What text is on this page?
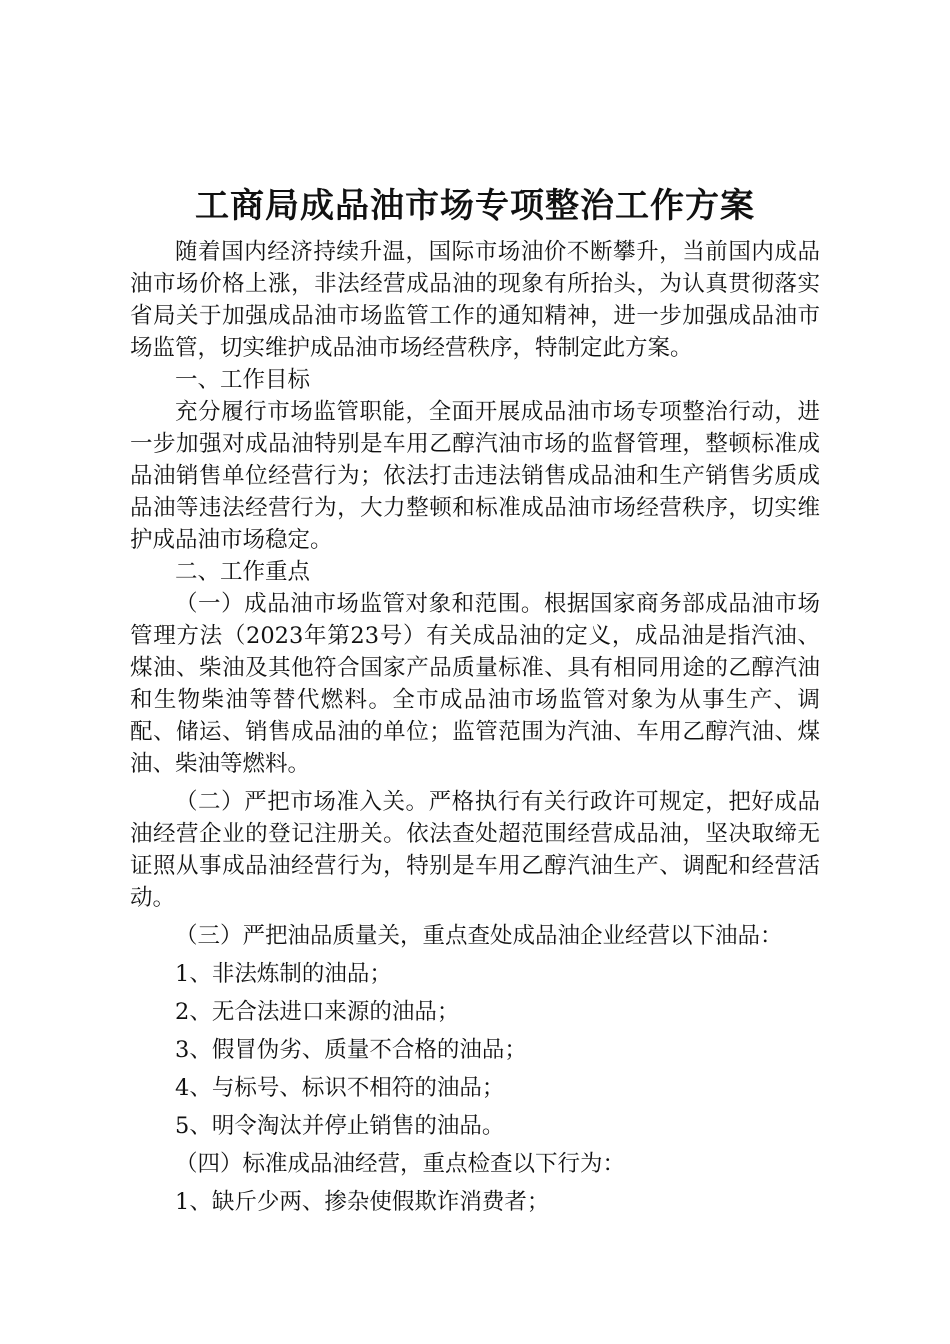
工商局成品油市场专项整治工作方案

随着国内经济持续升温，国际市场油价不断攀升，当前国内成品油市场价格上涨，非法经营成品油的现象有所抬头，为认真贯彻落实省局关于加强成品油市场监管工作的通知精神，进一步加强成品油市场监管，切实维护成品油市场经营秩序，特制定此方案。

一、工作目标

充分履行市场监管职能，全面开展成品油市场专项整治行动，进一步加强对成品油特别是车用乙醇汽油市场的监督管理，整顿标准成品油销售单位经营行为；依法打击违法销售成品油和生产销售劣质成品油等违法经营行为，大力整顿和标准成品油市场经营秩序，切实维护成品油市场稳定。

二、工作重点

（一）成品油市场监管对象和范围。根据国家商务部成品油市场管理方法（2023年第23号）有关成品油的定义，成品油是指汽油、煤油、柴油及其他符合国家产品质量标准、具有相同用途的乙醇汽油和生物柴油等替代燃料。全市成品油市场监管对象为从事生产、调配、储运、销售成品油的单位；监管范围为汽油、车用乙醇汽油、煤油、柴油等燃料。

（二）严把市场准入关。严格执行有关行政许可规定，把好成品油经营企业的登记注册关。依法查处超范围经营成品油，坚决取缔无证照从事成品油经营行为，特别是车用乙醇汽油生产、调配和经营活动。

（三）严把油品质量关，重点查处成品油企业经营以下油品：

1、非法炼制的油品；
2、无合法进口来源的油品；
3、假冒伪劣、质量不合格的油品；
4、与标号、标识不相符的油品；
5、明令淘汰并停止销售的油品。

（四）标准成品油经营，重点检查以下行为：

1、缺斤少两、掺杂使假欺诈消费者；
